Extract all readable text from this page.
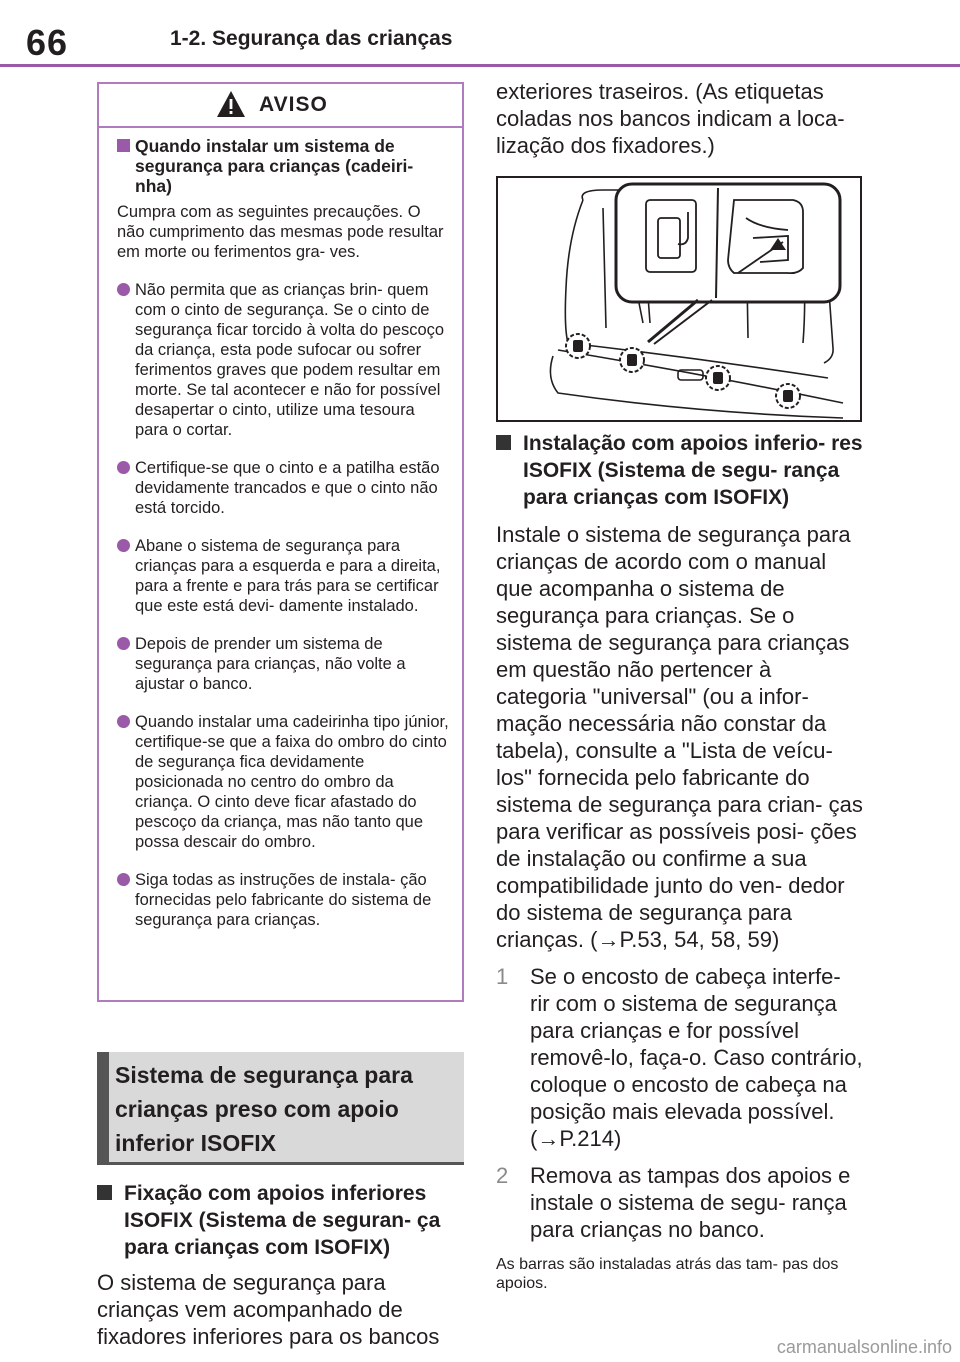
66	1-2. Segurança das crianças
AVISO
Quando instalar um sistema de segurança para crianças (cadeiri- nha)
Cumpra com as seguintes precauções. O não cumprimento das mesmas pode resultar em morte ou ferimentos gra- ves.
Não permita que as crianças brin- quem com o cinto de segurança. Se o cinto de segurança ficar torcido à volta do pescoço da criança, esta pode sufocar ou sofrer ferimentos graves que podem resultar em morte. Se tal acontecer e não for possível desapertar o cinto, utilize uma tesoura para o cortar.
Certifique-se que o cinto e a patilha estão devidamente trancados e que o cinto não está torcido.
Abane o sistema de segurança para crianças para a esquerda e para a direita, para a frente e para trás para se certificar que este está devi- damente instalado.
Depois de prender um sistema de segurança para crianças, não volte a ajustar o banco.
Quando instalar uma cadeirinha tipo júnior, certifique-se que a faixa do ombro do cinto de segurança fica devidamente posicionada no centro do ombro da criança. O cinto deve ficar afastado do pescoço da criança, mas não tanto que possa descair do ombro.
Siga todas as instruções de instala- ção fornecidas pelo fabricante do sistema de segurança para crianças.
Sistema de segurança para crianças preso com apoio inferior ISOFIX
Fixação com apoios inferiores ISOFIX (Sistema de seguran- ça para crianças com ISOFIX)
O sistema de segurança para crianças vem acompanhado de fixadores inferiores para os bancos
exteriores traseiros. (As etiquetas coladas nos bancos indicam a loca- lização dos fixadores.)
Instalação com apoios inferio- res ISOFIX (Sistema de segu- rança para crianças com ISOFIX)
Instale o sistema de segurança para crianças de acordo com o manual que acompanha o sistema de segurança para crianças. Se o sistema de segurança para crianças em questão não pertencer à categoria "universal" (ou a infor- mação necessária não constar da tabela), consulte a "Lista de veícu- los" fornecida pelo fabricante do sistema de segurança para crian- ças para verificar as possíveis posi- ções de instalação ou confirme a sua compatibilidade junto do ven- dedor do sistema de segurança para crianças. (→P.53, 54, 58, 59)
1 Se o encosto de cabeça interfe- rir com o sistema de segurança para crianças e for possível removê-lo, faça-o. Caso contrário, coloque o encosto de cabeça na posição mais elevada possível. (→P.214)
2 Remova as tampas dos apoios e instale o sistema de segu- rança para crianças no banco.
As barras são instaladas atrás das tam- pas dos apoios.
carmanualsonline.info
